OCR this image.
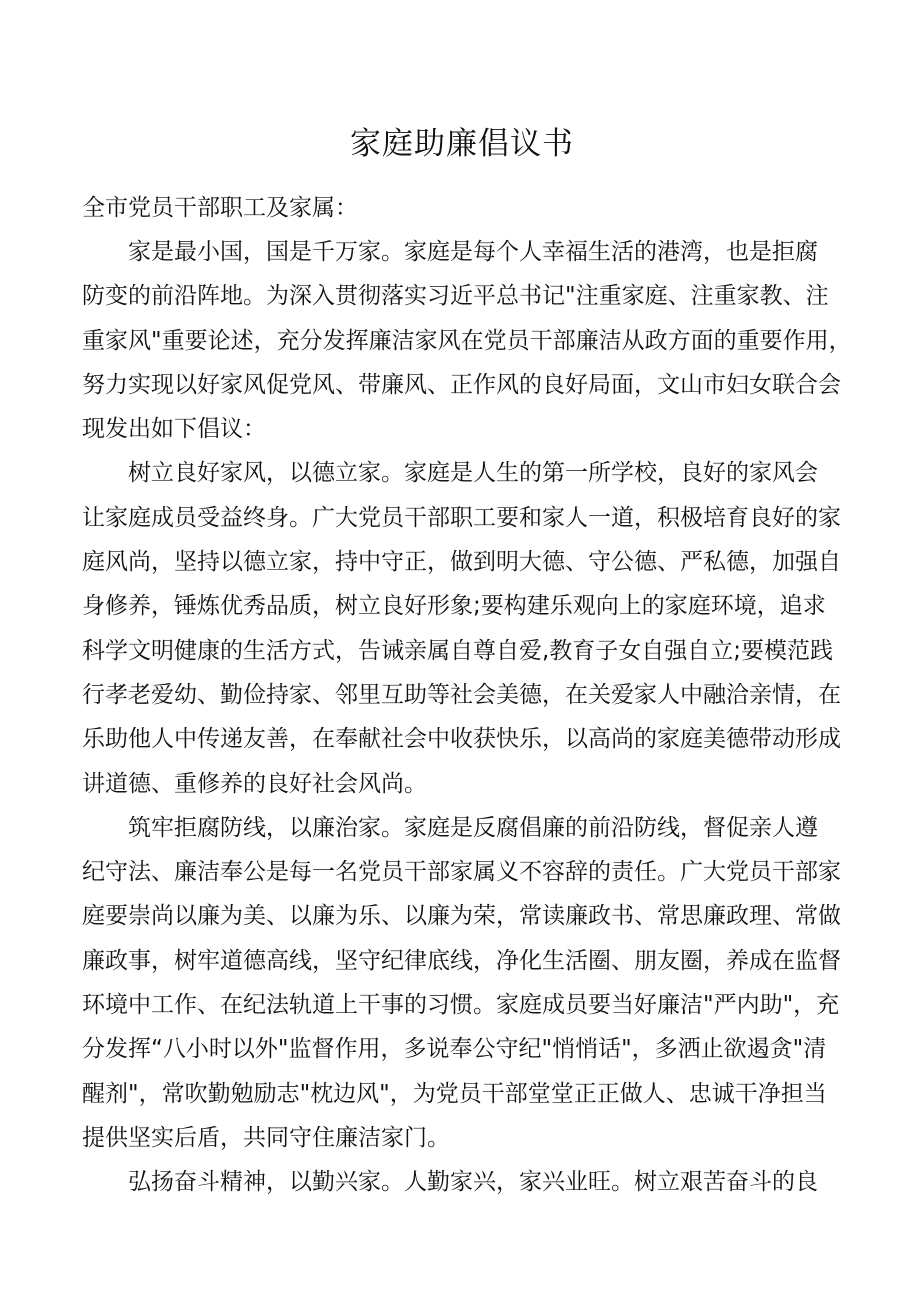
家庭助廉倡议书

全市党员干部职工及家属：

家是最小国，国是千万家。家庭是每个人幸福生活的港湾，也是拒腐
防变的前沿阵地。为深入贯彻落实习近平总书记"注重家庭、注重家教、注
重家风"重要论述，充分发挥廉洁家风在党员干部廉洁从政方面的重要作用，
努力实现以好家风促党风、带廉风、正作风的良好局面，文山市妇女联合会
现发出如下倡议：

树立良好家风，以德立家。家庭是人生的第一所学校，良好的家风会
让家庭成员受益终身。广大党员干部职工要和家人一道，积极培育良好的家
庭风尚，坚持以德立家，持中守正，做到明大德、守公德、严私德，加强自
身修养，锤炼优秀品质，树立良好形象;要构建乐观向上的家庭环境，追求
科学文明健康的生活方式，告诫亲属自尊自爱,教育子女自强自立;要模范践
行孝老爱幼、勤俭持家、邻里互助等社会美德，在关爱家人中融洽亲情，在
乐助他人中传递友善，在奉献社会中收获快乐，以高尚的家庭美德带动形成
讲道德、重修养的良好社会风尚。

筑牢拒腐防线，以廉治家。家庭是反腐倡廉的前沿防线，督促亲人遵
纪守法、廉洁奉公是每一名党员干部家属义不容辞的责任。广大党员干部家
庭要崇尚以廉为美、以廉为乐、以廉为荣，常读廉政书、常思廉政理、常做
廉政事，树牢道德高线，坚守纪律底线，净化生活圈、朋友圈，养成在监督
环境中工作、在纪法轨道上干事的习惯。家庭成员要当好廉洁"严内助"，充
分发挥“八小时以外"监督作用，多说奉公守纪"悄悄话"，多洒止欲遏贪"清
醒剂"，常吹勤勉励志"枕边风"，为党员干部堂堂正正做人、忠诚干净担当
提供坚实后盾，共同守住廉洁家门。

弘扬奋斗精神，以勤兴家。人勤家兴，家兴业旺。树立艰苦奋斗的良
